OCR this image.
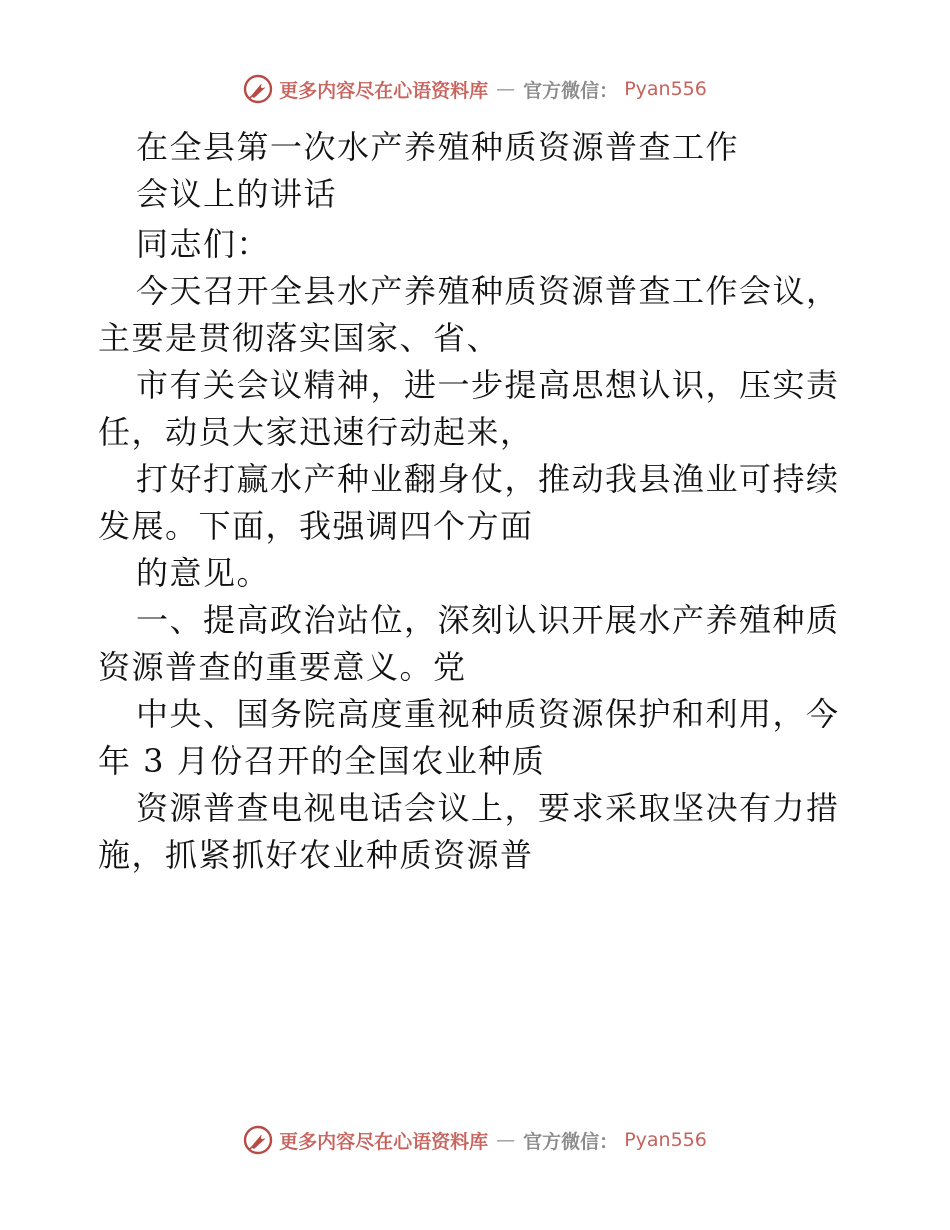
更多内容尽在心语资料库 — 官方微信： Pyan556
在全县第一次水产养殖种质资源普查工作
会议上的讲话
同志们：
今天召开全县水产养殖种质资源普查工作会议，
主要是贯彻落实国家、省、
市有关会议精神，进一步提高思想认识，压实责
任，动员大家迅速行动起来，
打好打赢水产种业翻身仗，推动我县渔业可持续
发展。下面，我强调四个方面
的意见。
一、提高政治站位，深刻认识开展水产养殖种质
资源普查的重要意义。党
中央、国务院高度重视种质资源保护和利用，今
年 3 月份召开的全国农业种质
资源普查电视电话会议上，要求采取坚决有力措
施，抓紧抓好农业种质资源普
更多内容尽在心语资料库 — 官方微信： Pyan556
